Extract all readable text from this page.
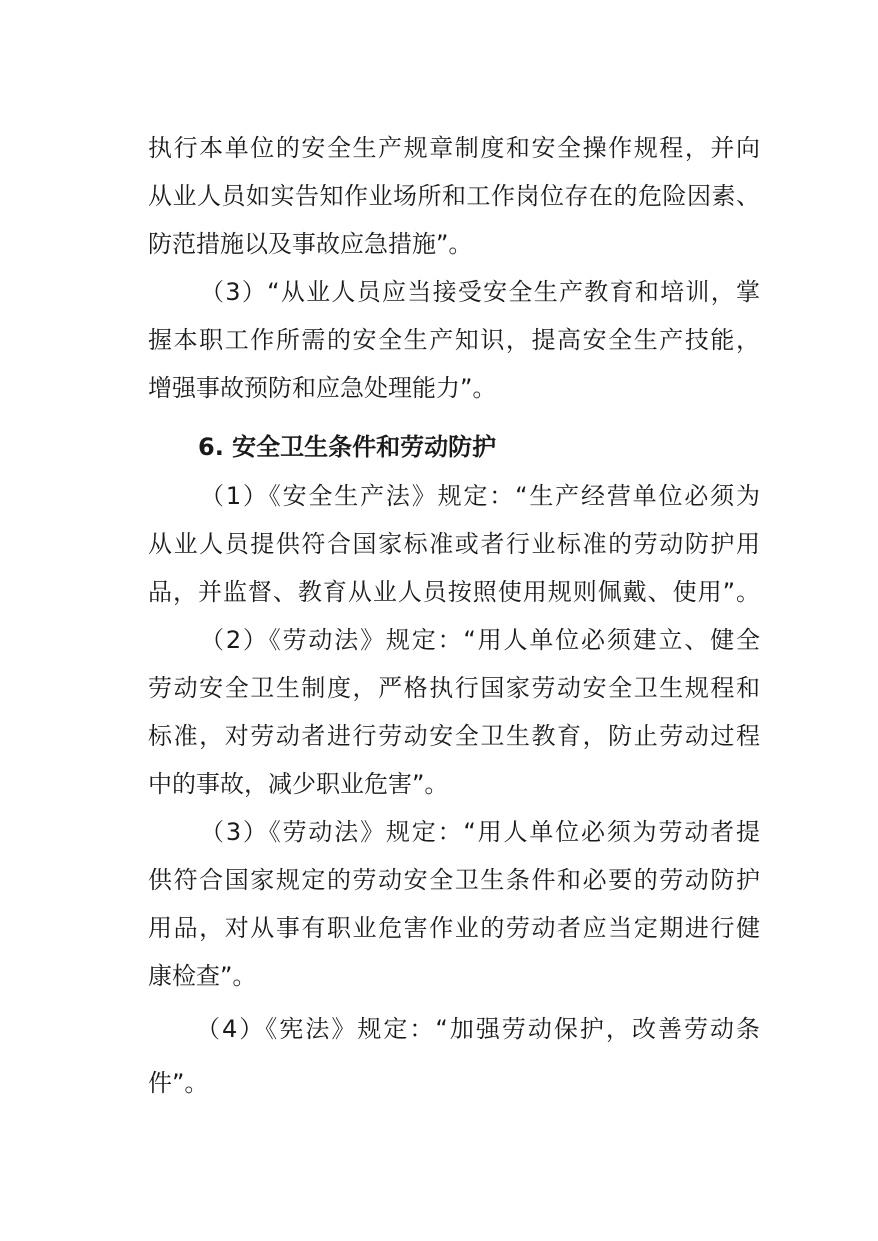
执行本单位的安全生产规章制度和安全操作规程，并向
从业人员如实告知作业场所和工作岗位存在的危险因素、
防范措施以及事故应急措施”。
（3）“从业人员应当接受安全生产教育和培训，掌
握本职工作所需的安全生产知识，提高安全生产技能，
增强事故预防和应急处理能力”。
6. 安全卫生条件和劳动防护
（1）《安全生产法》规定：“生产经营单位必须为
从业人员提供符合国家标准或者行业标准的劳动防护用
品，并监督、教育从业人员按照使用规则佩戴、使用”。
（2）《劳动法》规定：“用人单位必须建立、健全
劳动安全卫生制度，严格执行国家劳动安全卫生规程和
标准，对劳动者进行劳动安全卫生教育，防止劳动过程
中的事故，减少职业危害”。
（3）《劳动法》规定：“用人单位必须为劳动者提
供符合国家规定的劳动安全卫生条件和必要的劳动防护
用品，对从事有职业危害作业的劳动者应当定期进行健
康检查”。
（4）《宪法》规定：“加强劳动保护，改善劳动条
件”。
